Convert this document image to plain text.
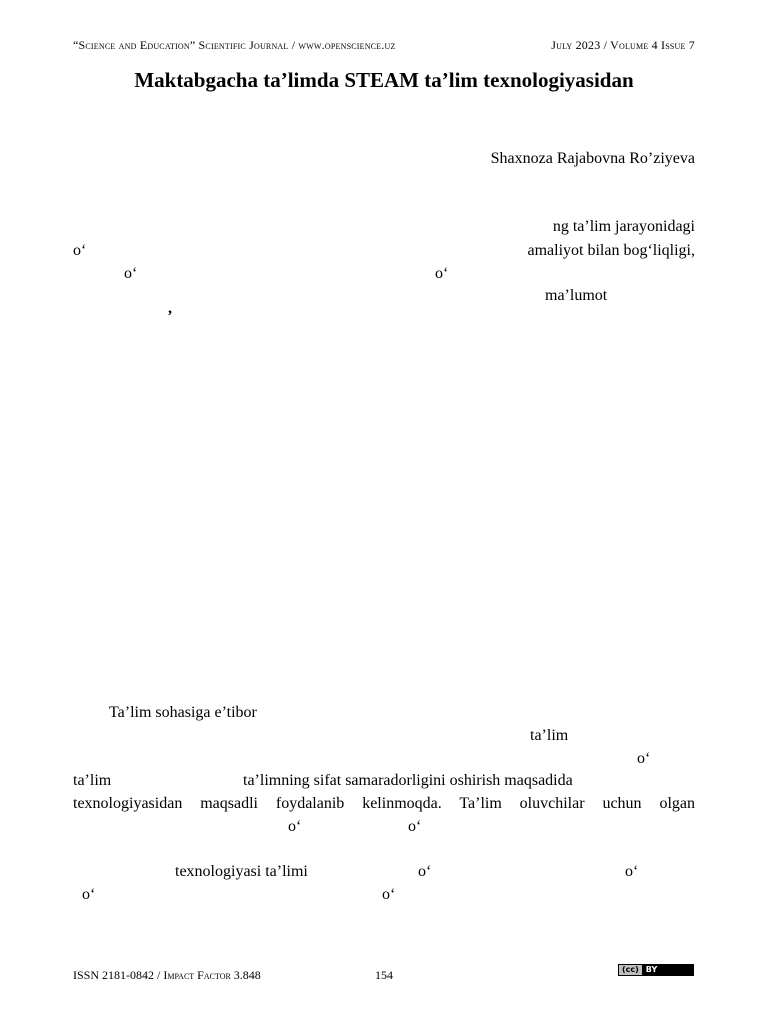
“Science and Education” Scientific Journal / www.openscience.uz	July 2023 / Volume 4 Issue 7
Maktabgacha ta’limda STEAM ta’lim texnologiyasidan
Shaxnoza Rajabovna Ro’ziyeva
ng ta’lim jarayonidagi
o‘	amaliyot bilan bog‘liqligi,
o‘	o‘
ma’lumot
,
Ta’lim sohasiga e’tibor
ta’lim
o‘
ta’lim	ta’limning sifat samaradorligini oshirish maqsadida
texnologiyasidan maqsadli foydalanib kelinmoqda. Ta’lim oluvchilar uchun olgan
o‘	o‘
texnologiyasi ta’limi	o‘	o‘
o‘	o‘
ISSN 2181-0842 / Impact Factor 3.848	154	(cc) BY
